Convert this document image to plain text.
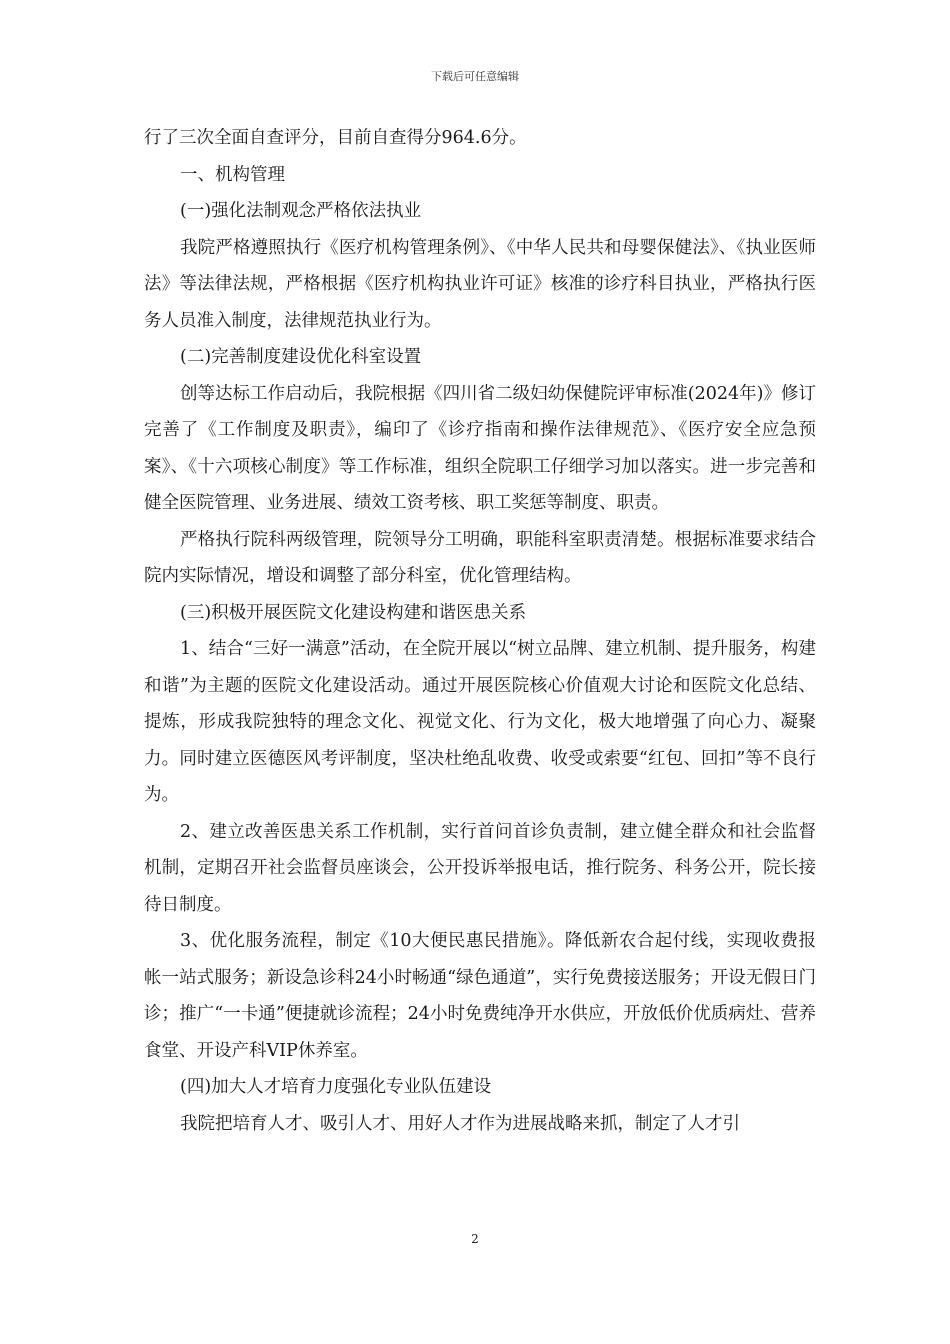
下载后可任意编辑

行了三次全面自查评分，目前自查得分964.6分。

一、机构管理

(一)强化法制观念严格依法执业

我院严格遵照执行《医疗机构管理条例》、《中华人民共和母婴保健法》、《执业医师法》等法律法规，严格根据《医疗机构执业许可证》核准的诊疗科目执业，严格执行医务人员准入制度，法律规范执业行为。

(二)完善制度建设优化科室设置

创等达标工作启动后，我院根据《四川省二级妇幼保健院评审标准(2024年)》修订完善了《工作制度及职责》，编印了《诊疗指南和操作法律规范》、《医疗安全应急预案》、《十六项核心制度》等工作标准，组织全院职工仔细学习加以落实。进一步完善和健全医院管理、业务进展、绩效工资考核、职工奖惩等制度、职责。

严格执行院科两级管理，院领导分工明确，职能科室职责清楚。根据标准要求结合院内实际情况，增设和调整了部分科室，优化管理结构。

(三)积极开展医院文化建设构建和谐医患关系

1、结合“三好一满意”活动，在全院开展以“树立品牌、建立机制、提升服务，构建和谐”为主题的医院文化建设活动。通过开展医院核心价值观大讨论和医院文化总结、提炼，形成我院独特的理念文化、视觉文化、行为文化，极大地增强了向心力、凝聚力。同时建立医德医风考评制度，坚决杜绝乱收费、收受或索要“红包、回扣”等不良行为。

2、建立改善医患关系工作机制，实行首问首诊负责制，建立健全群众和社会监督机制，定期召开社会监督员座谈会，公开投诉举报电话，推行院务、科务公开，院长接待日制度。

3、优化服务流程，制定《10大便民惠民措施》。降低新农合起付线，实现收费报帐一站式服务；新设急诊科24小时畅通“绿色通道”，实行免费接送服务；开设无假日门诊；推广“一卡通”便捷就诊流程；24小时免费纯净开水供应，开放低价优质病灶、营养食堂、开设产科VIP休养室。

(四)加大人才培育力度强化专业队伍建设

我院把培育人才、吸引人才、用好人才作为进展战略来抓，制定了人才引

2
